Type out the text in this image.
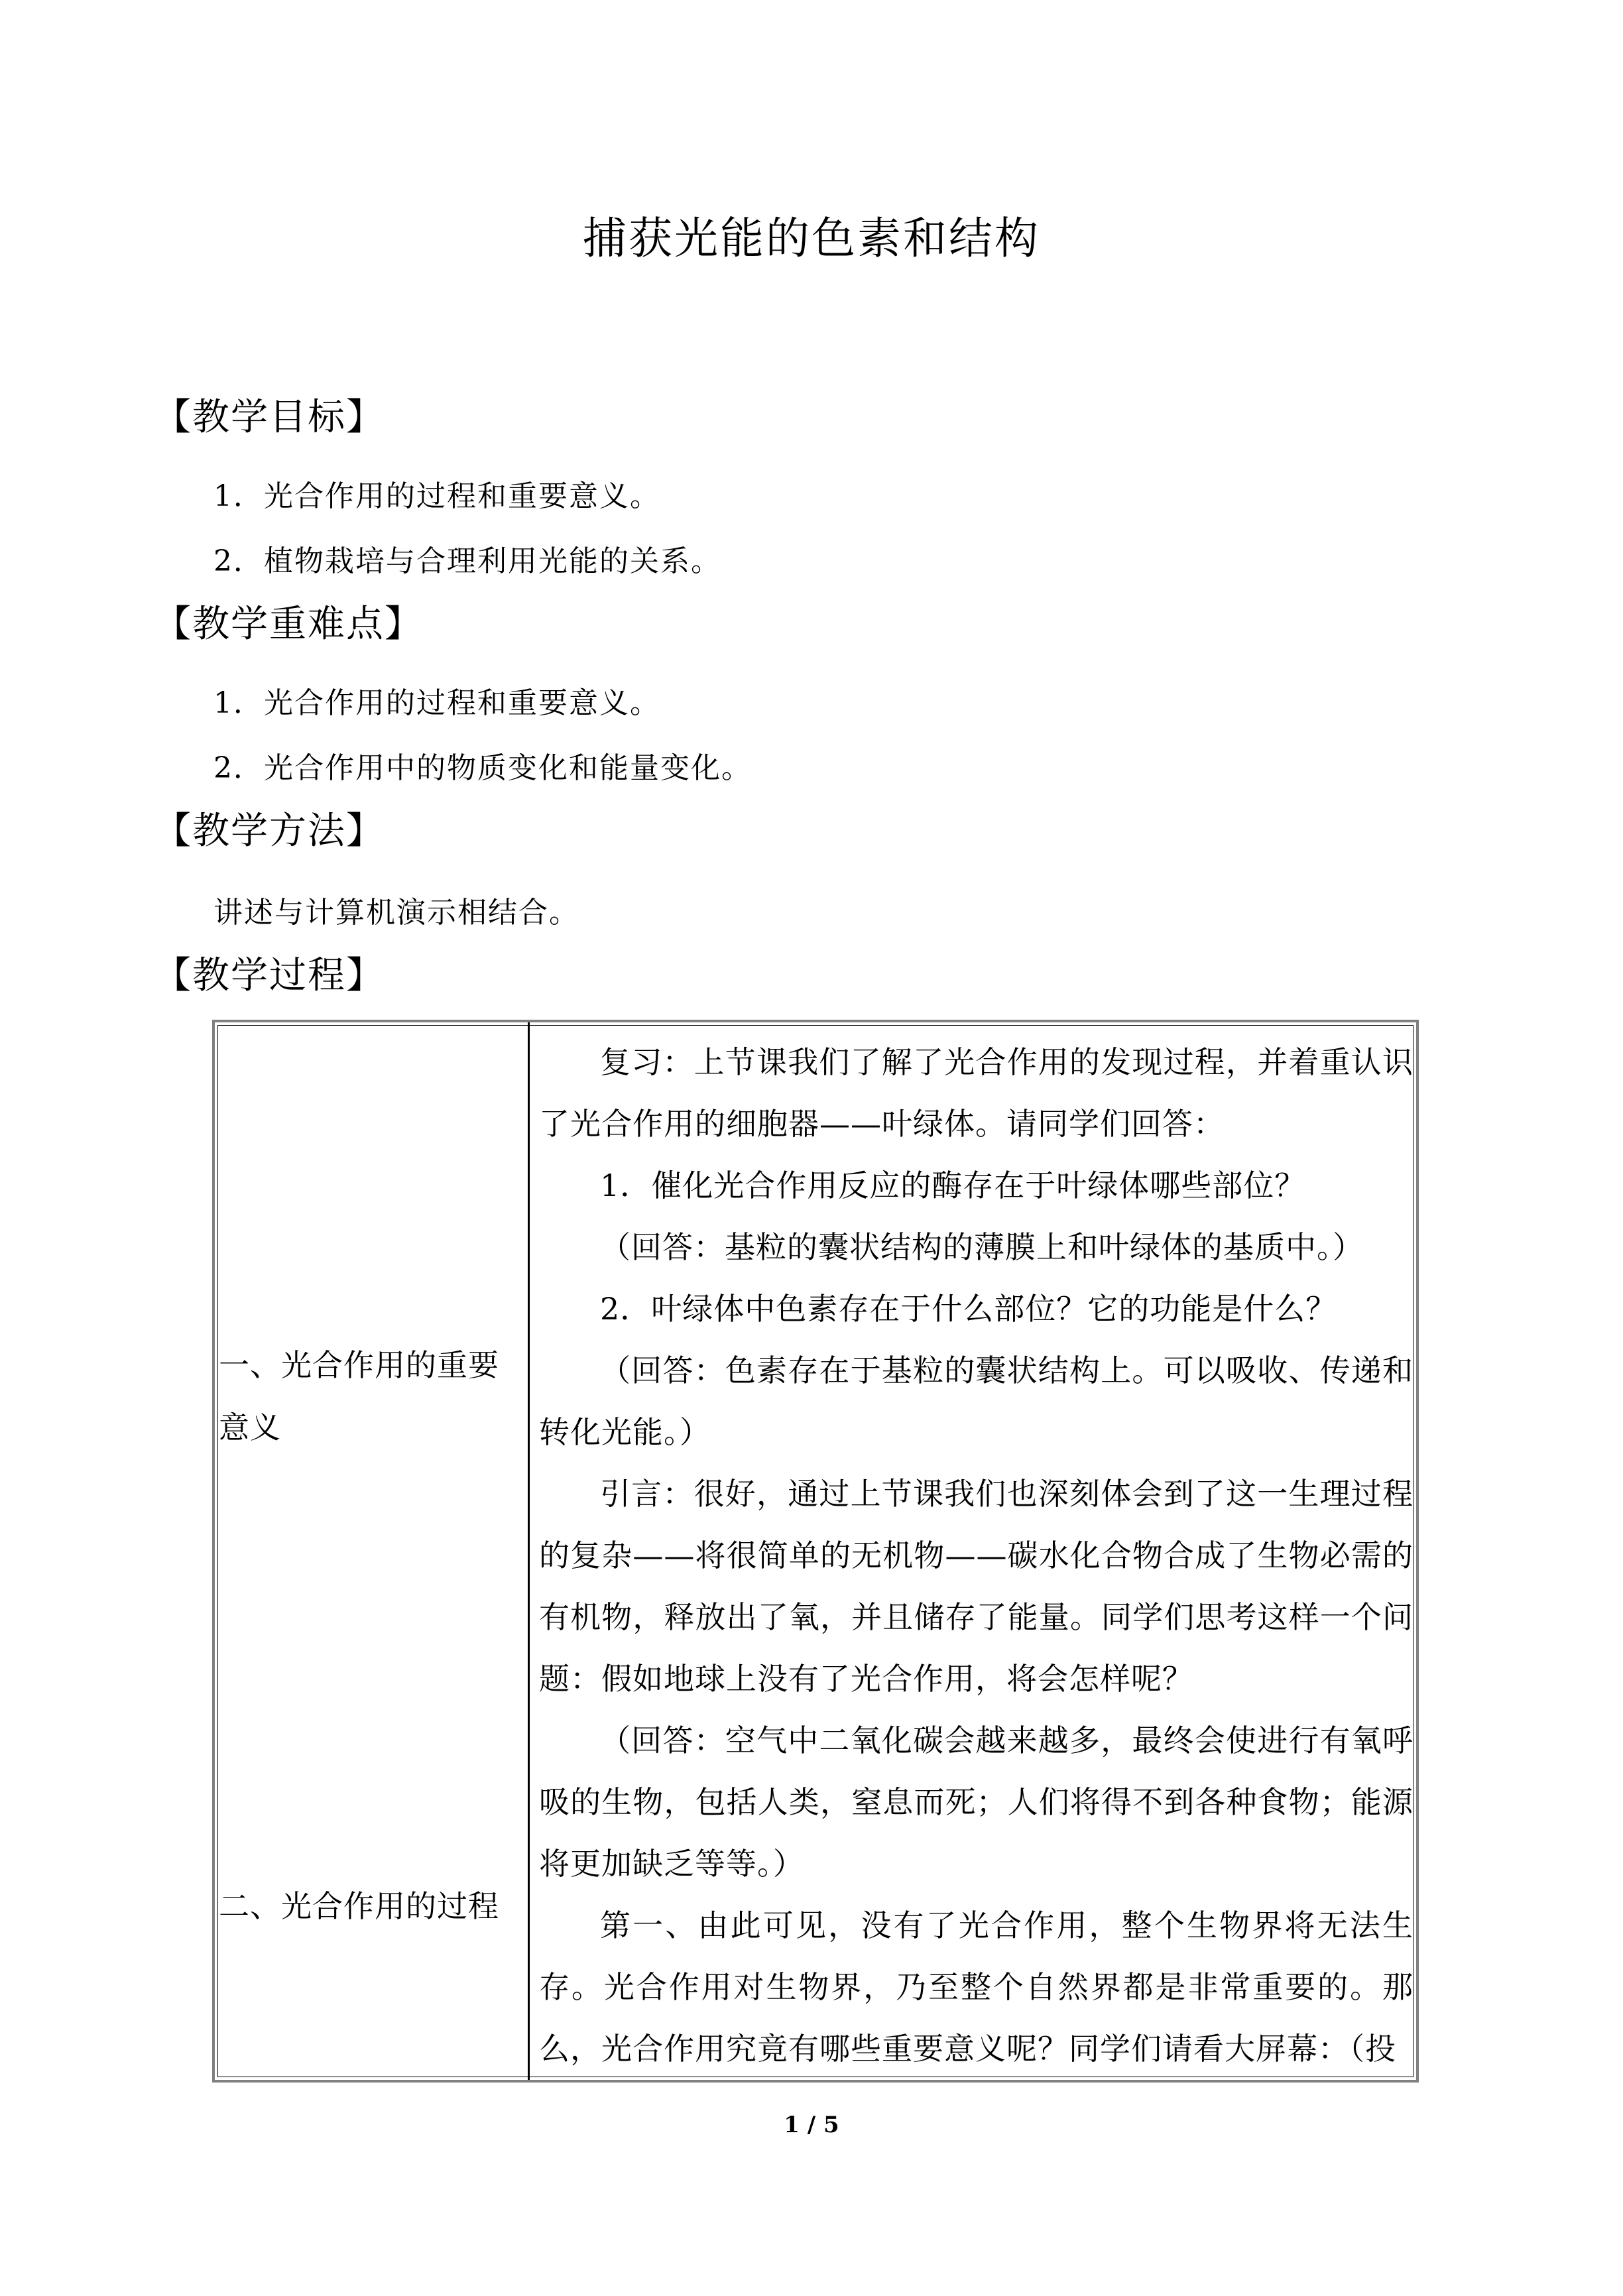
捕获光能的色素和结构
【教学目标】
1．光合作用的过程和重要意义。
2．植物栽培与合理利用光能的关系。
【教学重难点】
1．光合作用的过程和重要意义。
2．光合作用中的物质变化和能量变化。
【教学方法】
讲述与计算机演示相结合。
【教学过程】
一、光合作用的重要意义
二、光合作用的过程

复习：上节课我们了解了光合作用的发现过程，并着重认识了光合作用的细胞器——叶绿体。请同学们回答：

1．催化光合作用反应的酶存在于叶绿体哪些部位？

（回答：基粒的囊状结构的薄膜上和叶绿体的基质中。）

2．叶绿体中色素存在于什么部位？它的功能是什么？

（回答：色素存在于基粒的囊状结构上。可以吸收、传递和转化光能。）

引言：很好，通过上节课我们也深刻体会到了这一生理过程的复杂——将很简单的无机物——碳水化合物合成了生物必需的有机物，释放出了氧，并且储存了能量。同学们思考这样一个问题：假如地球上没有了光合作用，将会怎样呢？

（回答：空气中二氧化碳会越来越多，最终会使进行有氧呼吸的生物，包括人类，窒息而死；人们将得不到各种食物；能源将更加缺乏等等。）

第一、由此可见，没有了光合作用，整个生物界将无法生存。光合作用对生物界，乃至整个自然界都是非常重要的。那么，光合作用究竟有哪些重要意义呢？同学们请看大屏幕：（投

1 / 5
